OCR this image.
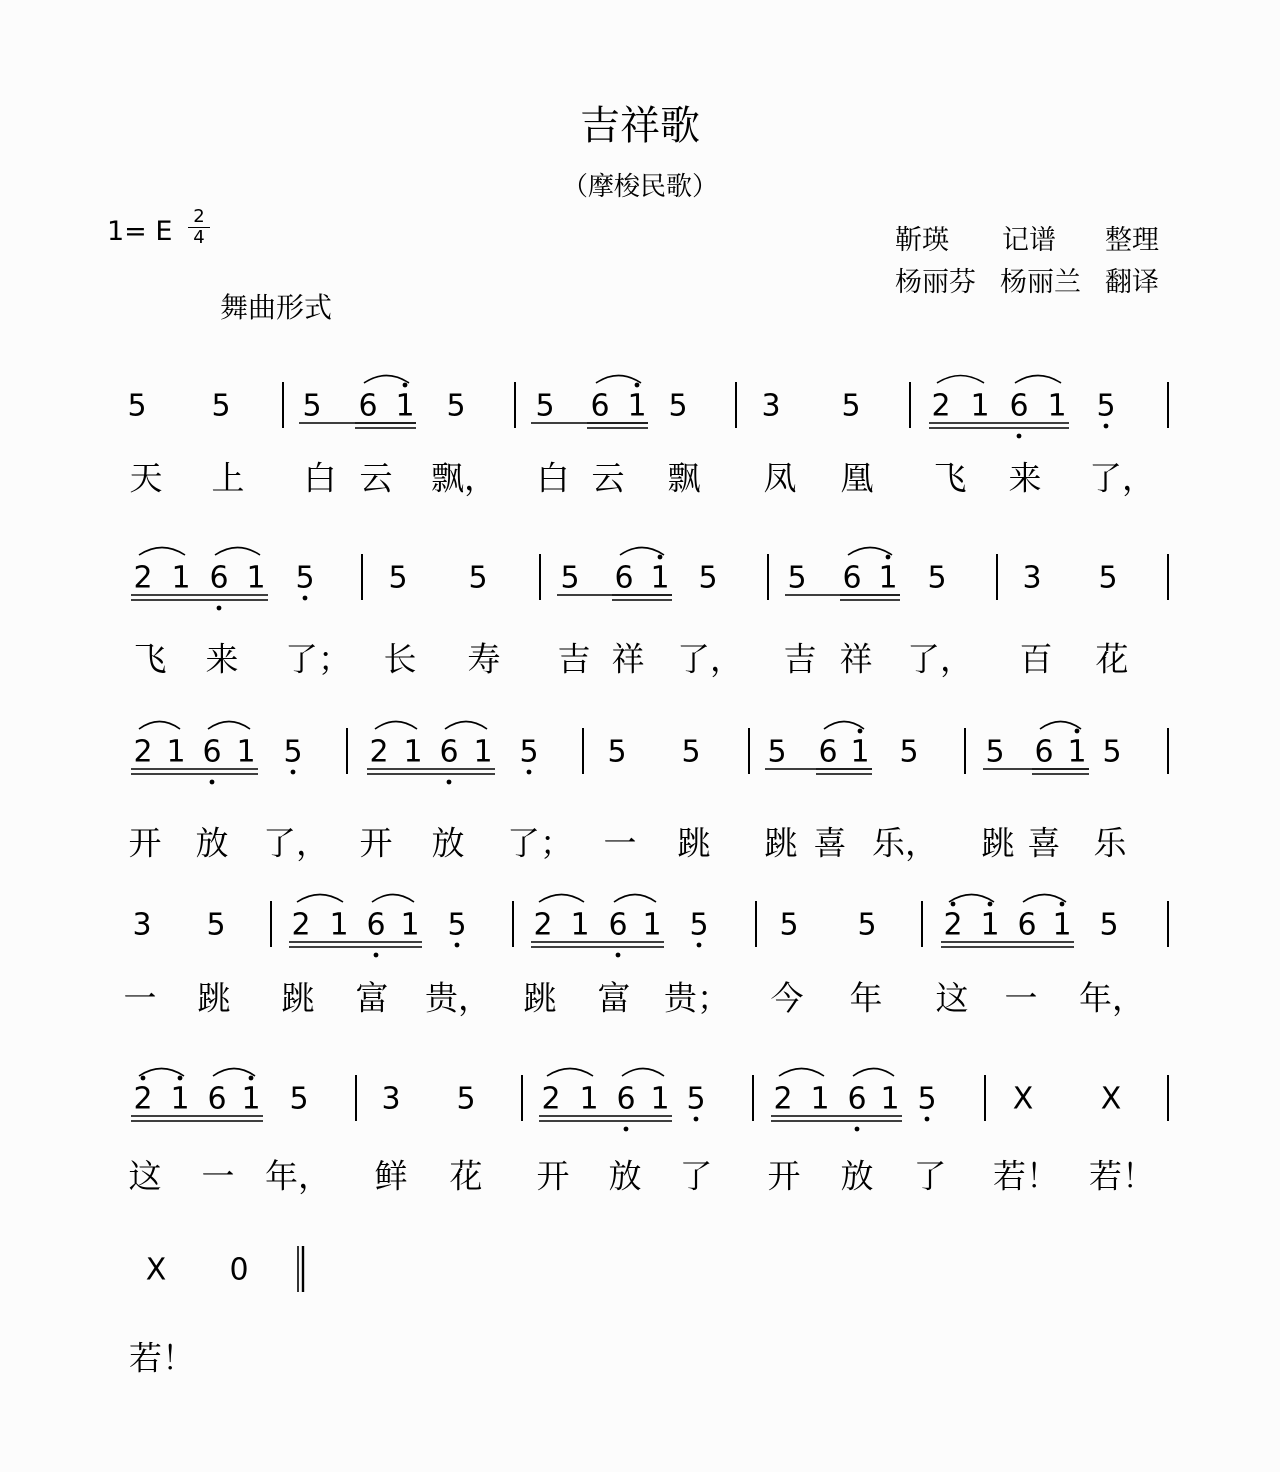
吉祥歌
（摩梭民歌）
1= E	2
4	靳瑛 记谱 整理
杨丽芬 杨丽兰 翻译
舞曲形式
5 5 5 6 1 5 5 6 1 5 3 5 2 1 6 1 5
2 1 6 1 5 5 5 5 6 1 5 5 6 1 5	3 5
2 1 6 1 5 2 1 6 1 5 5 5 5 6 1 5 5 6 1 5
3 5 2 1 6 1 5 2 1 6 1 5 5 5 2 1 6 1 5
2 1 6 1 5 3 5 2 1 6 1 5 2 1 6 1 5	X X
X 0
天 上 白 云 飘， 白 云 飘 凤 凰 飞 来 了，
飞 来 了； 长 寿 吉 祥 了， 吉 祥 了， 百 花
开 放 了， 开 放 了； 一 跳 跳 喜 乐， 跳 喜 乐
一 跳 跳 富 贵， 跳 富 贵； 今 年 这 一 年，
这 一 年， 鲜 花 开 放 了 开 放 了 若！ 若！
若！
